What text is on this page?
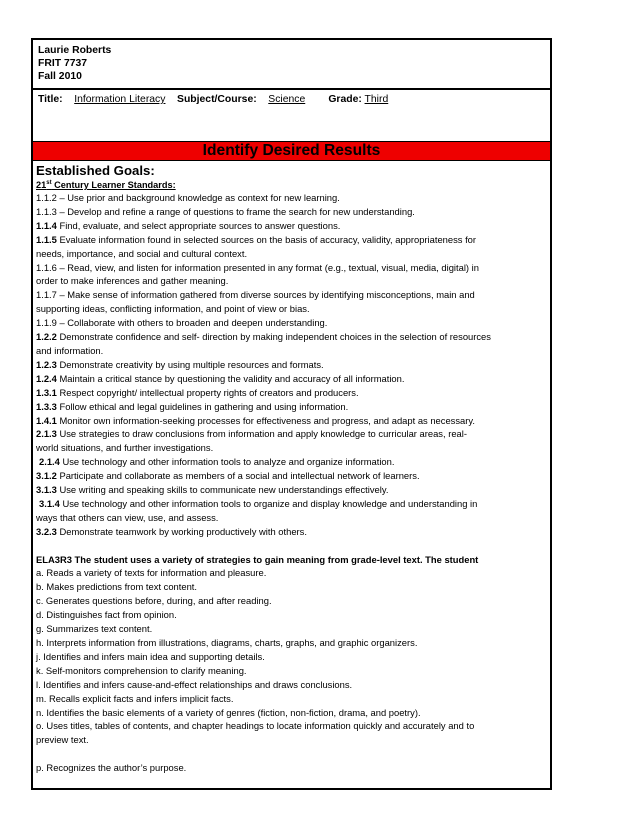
Laurie Roberts
FRIT 7737
Fall 2010
Title: Information Literacy Subject/Course: Science Grade: Third
Identify Desired Results
Established Goals:
21st Century Learner Standards:
1.1.2 – Use prior and background knowledge as context for new learning.
1.1.3 – Develop and refine a range of questions to frame the search for new understanding.
1.1.4 Find, evaluate, and select appropriate sources to answer questions.
1.1.5 Evaluate information found in selected sources on the basis of accuracy, validity, appropriateness for
needs, importance, and social and cultural context.
1.1.6 – Read, view, and listen for information presented in any format (e.g., textual, visual, media, digital) in
order to make inferences and gather meaning.
1.1.7 – Make sense of information gathered from diverse sources by identifying misconceptions, main and
supporting ideas, conflicting information, and point of view or bias.
1.1.9 – Collaborate with others to broaden and deepen understanding.
1.2.2 Demonstrate confidence and self- direction by making independent choices in the selection of resources
and information.
1.2.3 Demonstrate creativity by using multiple resources and formats.
1.2.4 Maintain a critical stance by questioning the validity and accuracy of all information.
1.3.1 Respect copyright/ intellectual property rights of creators and producers.
1.3.3 Follow ethical and legal guidelines in gathering and using information.
1.4.1 Monitor own information-seeking processes for effectiveness and progress, and adapt as necessary.
2.1.3 Use strategies to draw conclusions from information and apply knowledge to curricular areas, real-
world situations, and further investigations.
2.1.4 Use technology and other information tools to analyze and organize information.
3.1.2 Participate and collaborate as members of a social and intellectual network of learners.
3.1.3 Use writing and speaking skills to communicate new understandings effectively.
3.1.4 Use technology and other information tools to organize and display knowledge and understanding in
ways that others can view, use, and assess.
3.2.3 Demonstrate teamwork by working productively with others.
ELA3R3 The student uses a variety of strategies to gain meaning from grade-level text. The student
a. Reads a variety of texts for information and pleasure.
b. Makes predictions from text content.
c. Generates questions before, during, and after reading.
d. Distinguishes fact from opinion.
g. Summarizes text content.
h. Interprets information from illustrations, diagrams, charts, graphs, and graphic organizers.
j. Identifies and infers main idea and supporting details.
k. Self-monitors comprehension to clarify meaning.
l. Identifies and infers cause-and-effect relationships and draws conclusions.
m. Recalls explicit facts and infers implicit facts.
n. Identifies the basic elements of a variety of genres (fiction, non-fiction, drama, and poetry).
o. Uses titles, tables of contents, and chapter headings to locate information quickly and accurately and to
preview text.
p. Recognizes the author’s purpose.
